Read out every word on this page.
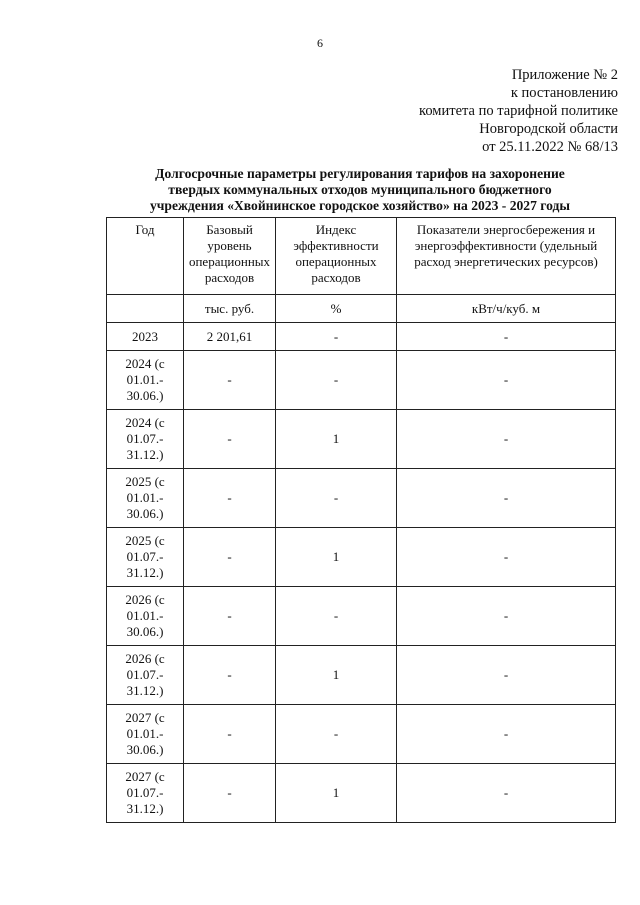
6
Приложение № 2
к постановлению
комитета по тарифной политике
Новгородской области
от 25.11.2022 № 68/13
Долгосрочные параметры регулирования тарифов на захоронение
твердых коммунальных отходов муниципального бюджетного
учреждения «Хвойнинское городское хозяйство» на 2023 - 2027 годы
Год	Базовый уровень операционных расходов	Индекс эффективности операционных расходов	Показатели энергосбережения и энергоэффективности (удельный расход энергетических ресурсов)
	тыс. руб.	%	кВт/ч/куб. м
2023	2 201,61	-	-
2024 (с 01.01.- 30.06.)	-	-	-
2024 (с 01.07.- 31.12.)	-	1	-
2025 (с 01.01.- 30.06.)	-	-	-
2025 (с 01.07.- 31.12.)	-	1	-
2026 (с 01.01.- 30.06.)	-	-	-
2026 (с 01.07.- 31.12.)	-	1	-
2027 (с 01.01.- 30.06.)	-	-	-
2027 (с 01.07.- 31.12.)	-	1	-
